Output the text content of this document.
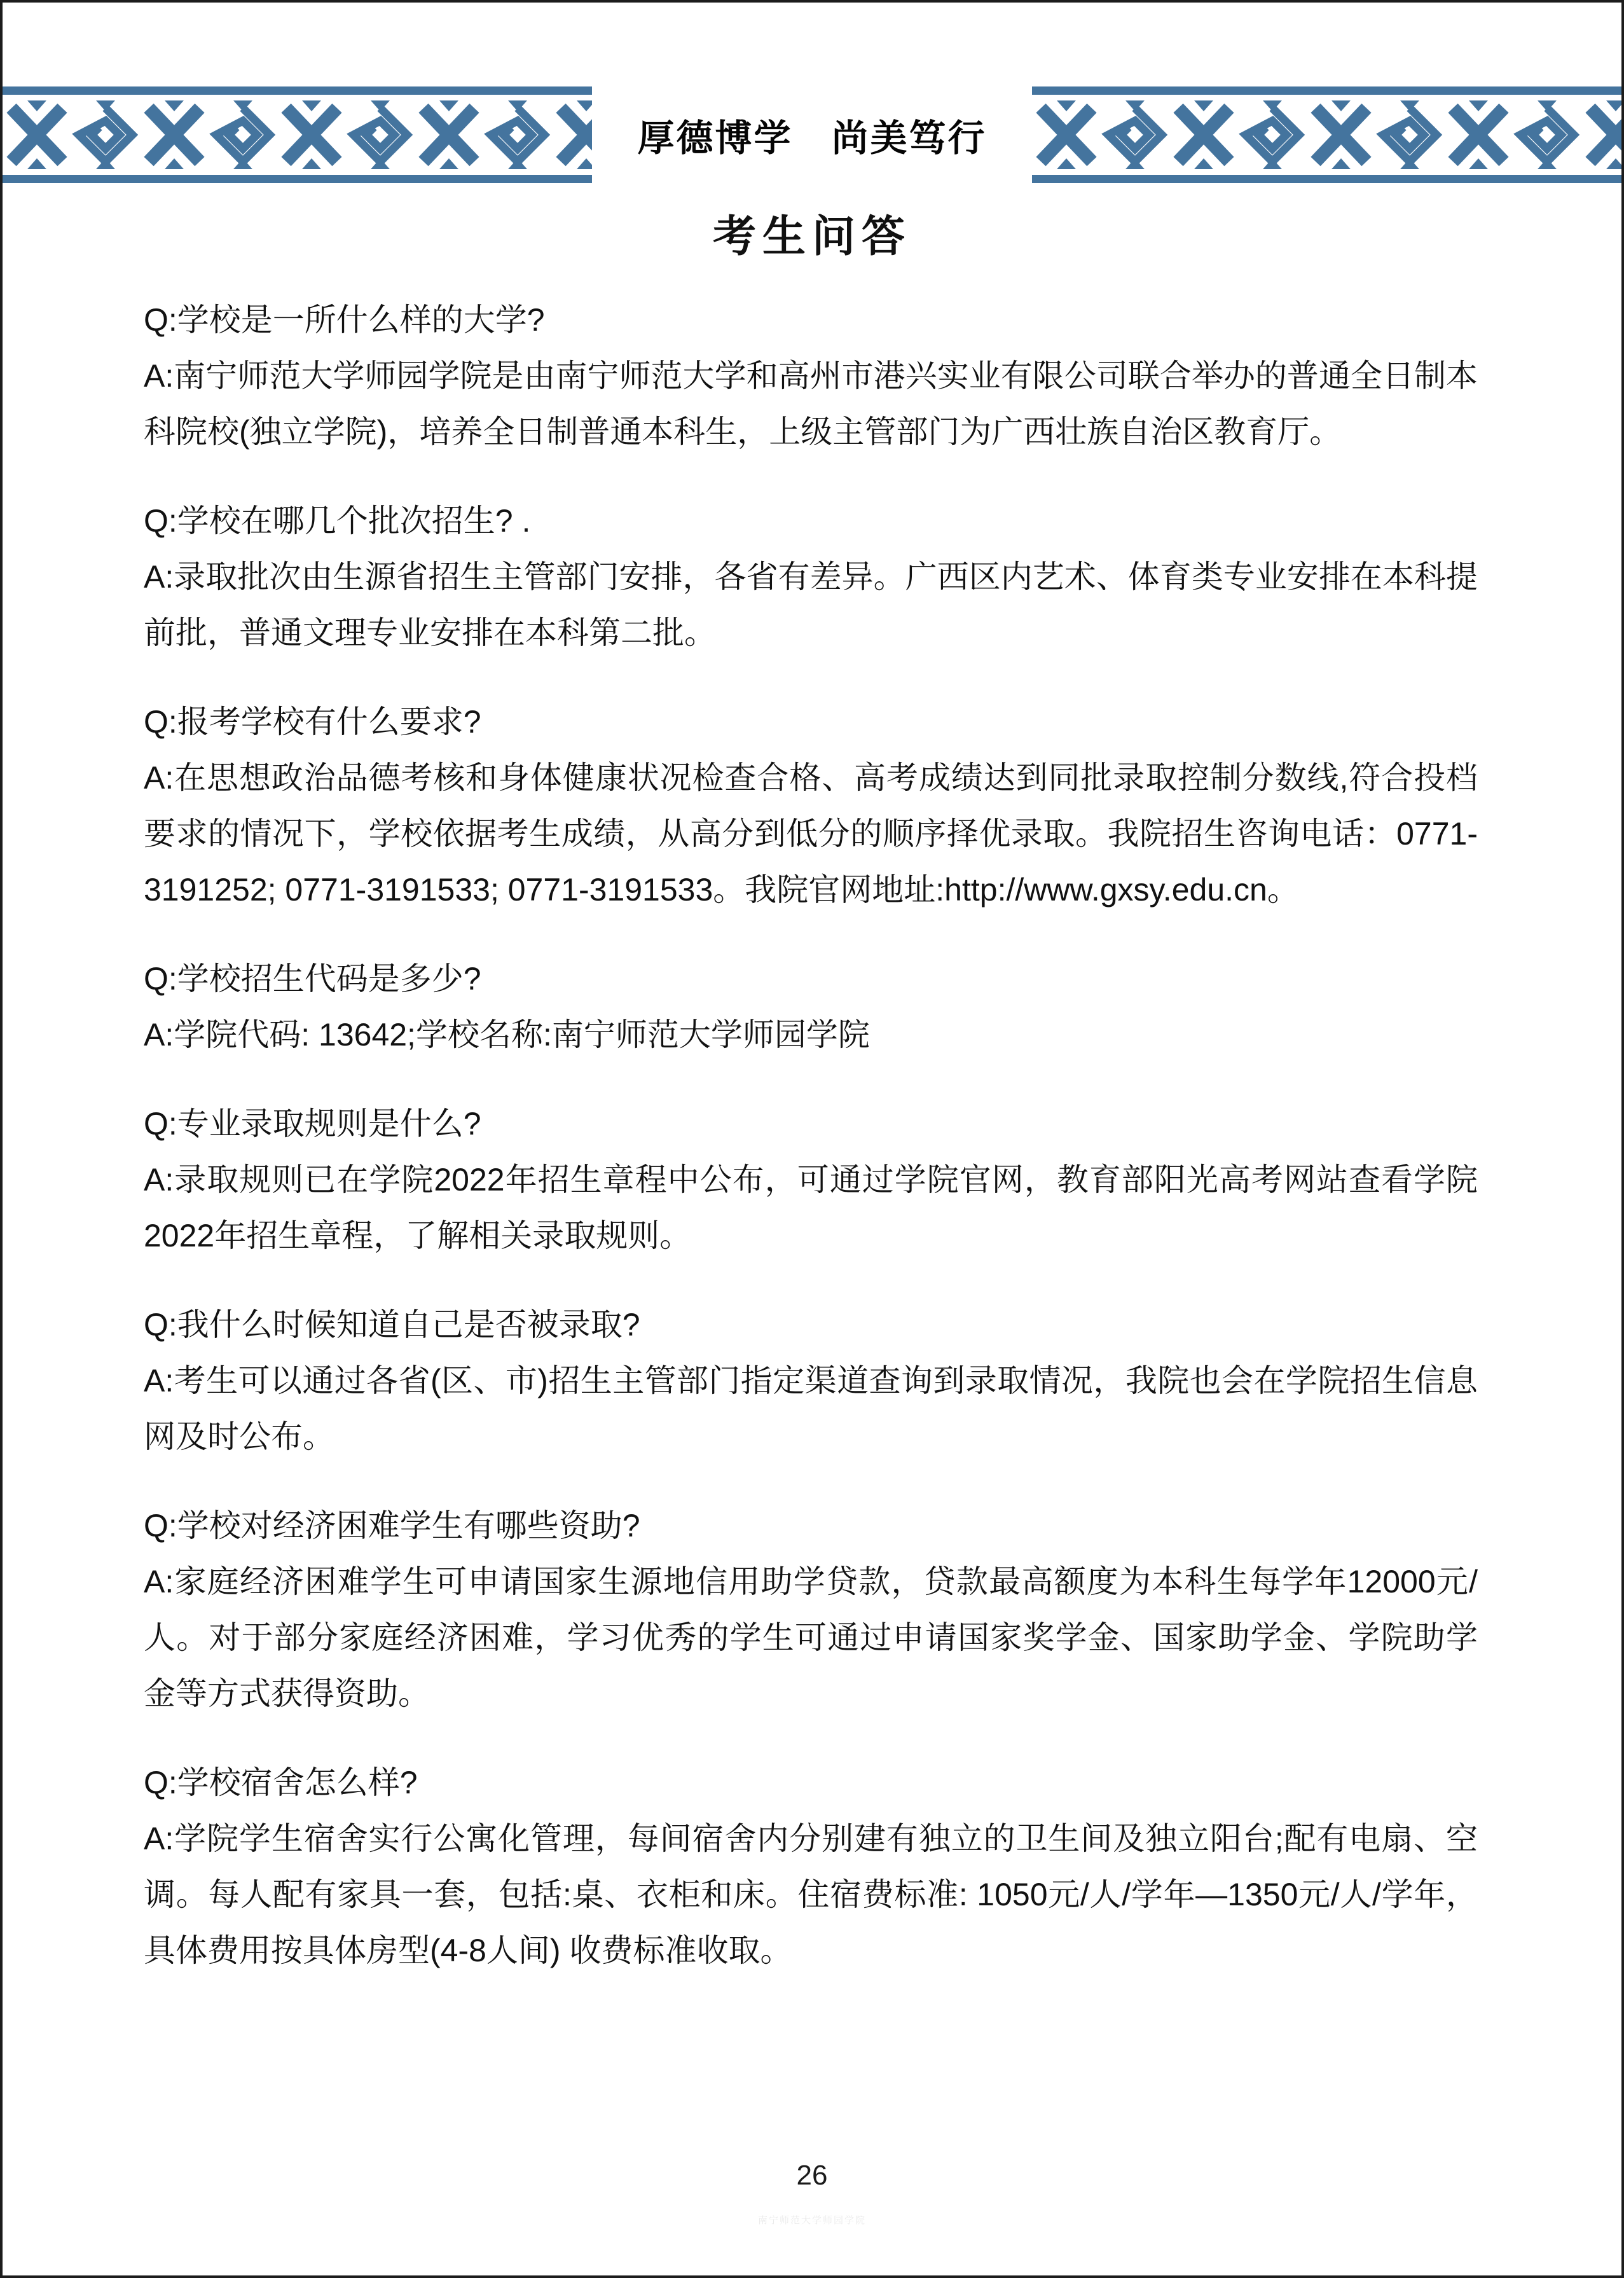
厚德博学　尚美笃行
考生问答

Q:学校是一所什么样的大学?

A:南宁师范大学师园学院是由南宁师范大学和高州市港兴实业有限公司联合举办的普通全日制本科院校(独立学院)，培养全日制普通本科生，上级主管部门为广西壮族自治区教育厅。

Q:学校在哪几个批次招生? .

A:录取批次由生源省招生主管部门安排，各省有差异。广西区内艺术、体育类专业安排在本科提前批，普通文理专业安排在本科第二批。

Q:报考学校有什么要求?

A:在思想政治品德考核和身体健康状况检查合格、高考成绩达到同批录取控制分数线,符合投档要求的情况下，学校依据考生成绩，从高分到低分的顺序择优录取。我院招生咨询电话：0771-3191252; 0771-3191533; 0771-3191533。我院官网地址:http://www.gxsy.edu.cn。

Q:学校招生代码是多少?

A:学院代码: 13642;学校名称:南宁师范大学师园学院

Q:专业录取规则是什么?

A:录取规则已在学院2022年招生章程中公布，可通过学院官网，教育部阳光高考网站查看学院2022年招生章程，了解相关录取规则。

Q:我什么时候知道自己是否被录取?

A:考生可以通过各省(区、市)招生主管部门指定渠道查询到录取情况，我院也会在学院招生信息网及时公布。

Q:学校对经济困难学生有哪些资助?

A:家庭经济困难学生可申请国家生源地信用助学贷款，贷款最高额度为本科生每学年12000元/人。对于部分家庭经济困难，学习优秀的学生可通过申请国家奖学金、国家助学金、学院助学金等方式获得资助。

Q:学校宿舍怎么样?

A:学院学生宿舍实行公寓化管理，每间宿舍内分别建有独立的卫生间及独立阳台;配有电扇、空调。每人配有家具一套，包括:桌、衣柜和床。住宿费标准: 1050元/人/学年—1350元/人/学年，具体费用按具体房型(4-8人间) 收费标准收取。

26
南宁师范大学师园学院
